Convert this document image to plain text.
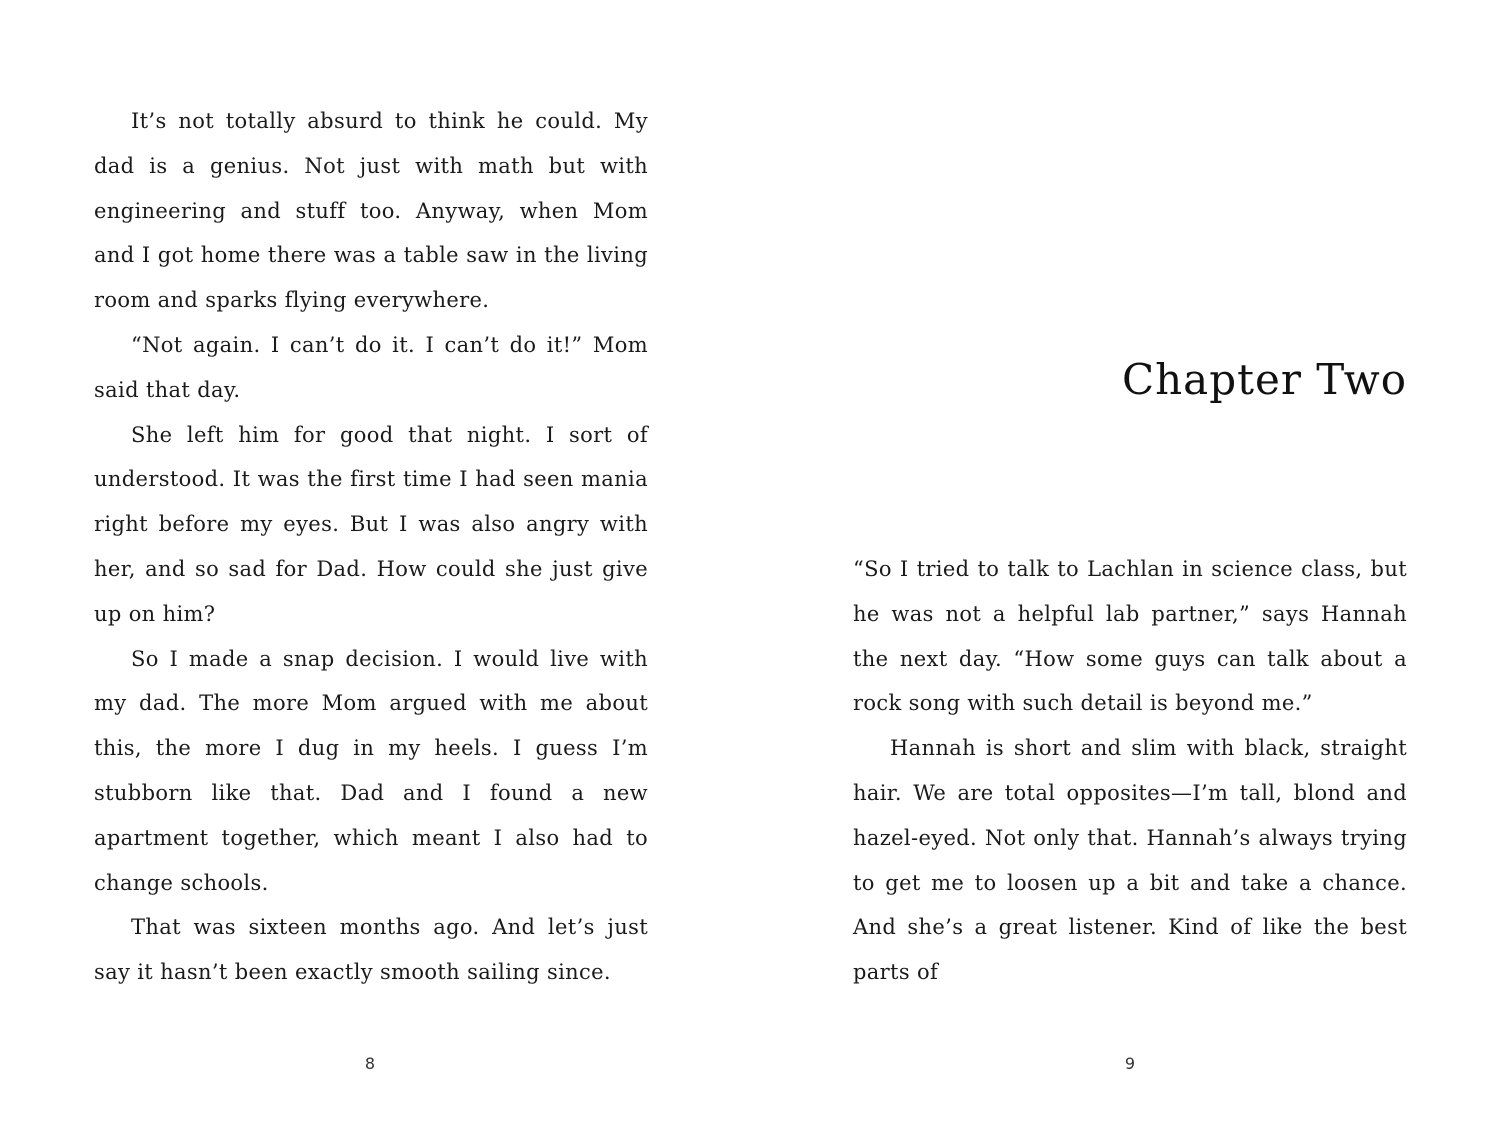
It’s not totally absurd to think he could. My dad is a genius. Not just with math but with engineering and stuff too. Anyway, when Mom and I got home there was a table saw in the living room and sparks flying everywhere.

“Not again. I can’t do it. I can’t do it!” Mom said that day.

She left him for good that night. I sort of understood. It was the first time I had seen mania right before my eyes. But I was also angry with her, and so sad for Dad. How could she just give up on him?

So I made a snap decision. I would live with my dad. The more Mom argued with me about this, the more I dug in my heels. I guess I’m stubborn like that. Dad and I found a new apartment together, which meant I also had to change schools.

That was sixteen months ago. And let’s just say it hasn’t been exactly smooth sailing since.

8
Chapter Two

“So I tried to talk to Lachlan in science class, but he was not a helpful lab partner,” says Hannah the next day. “How some guys can talk about a rock song with such detail is beyond me.”

Hannah is short and slim with black, straight hair. We are total opposites—I’m tall, blond and hazel-eyed. Not only that. Hannah’s always trying to get me to loosen up a bit and take a chance. And she’s a great listener. Kind of like the best parts of

9
